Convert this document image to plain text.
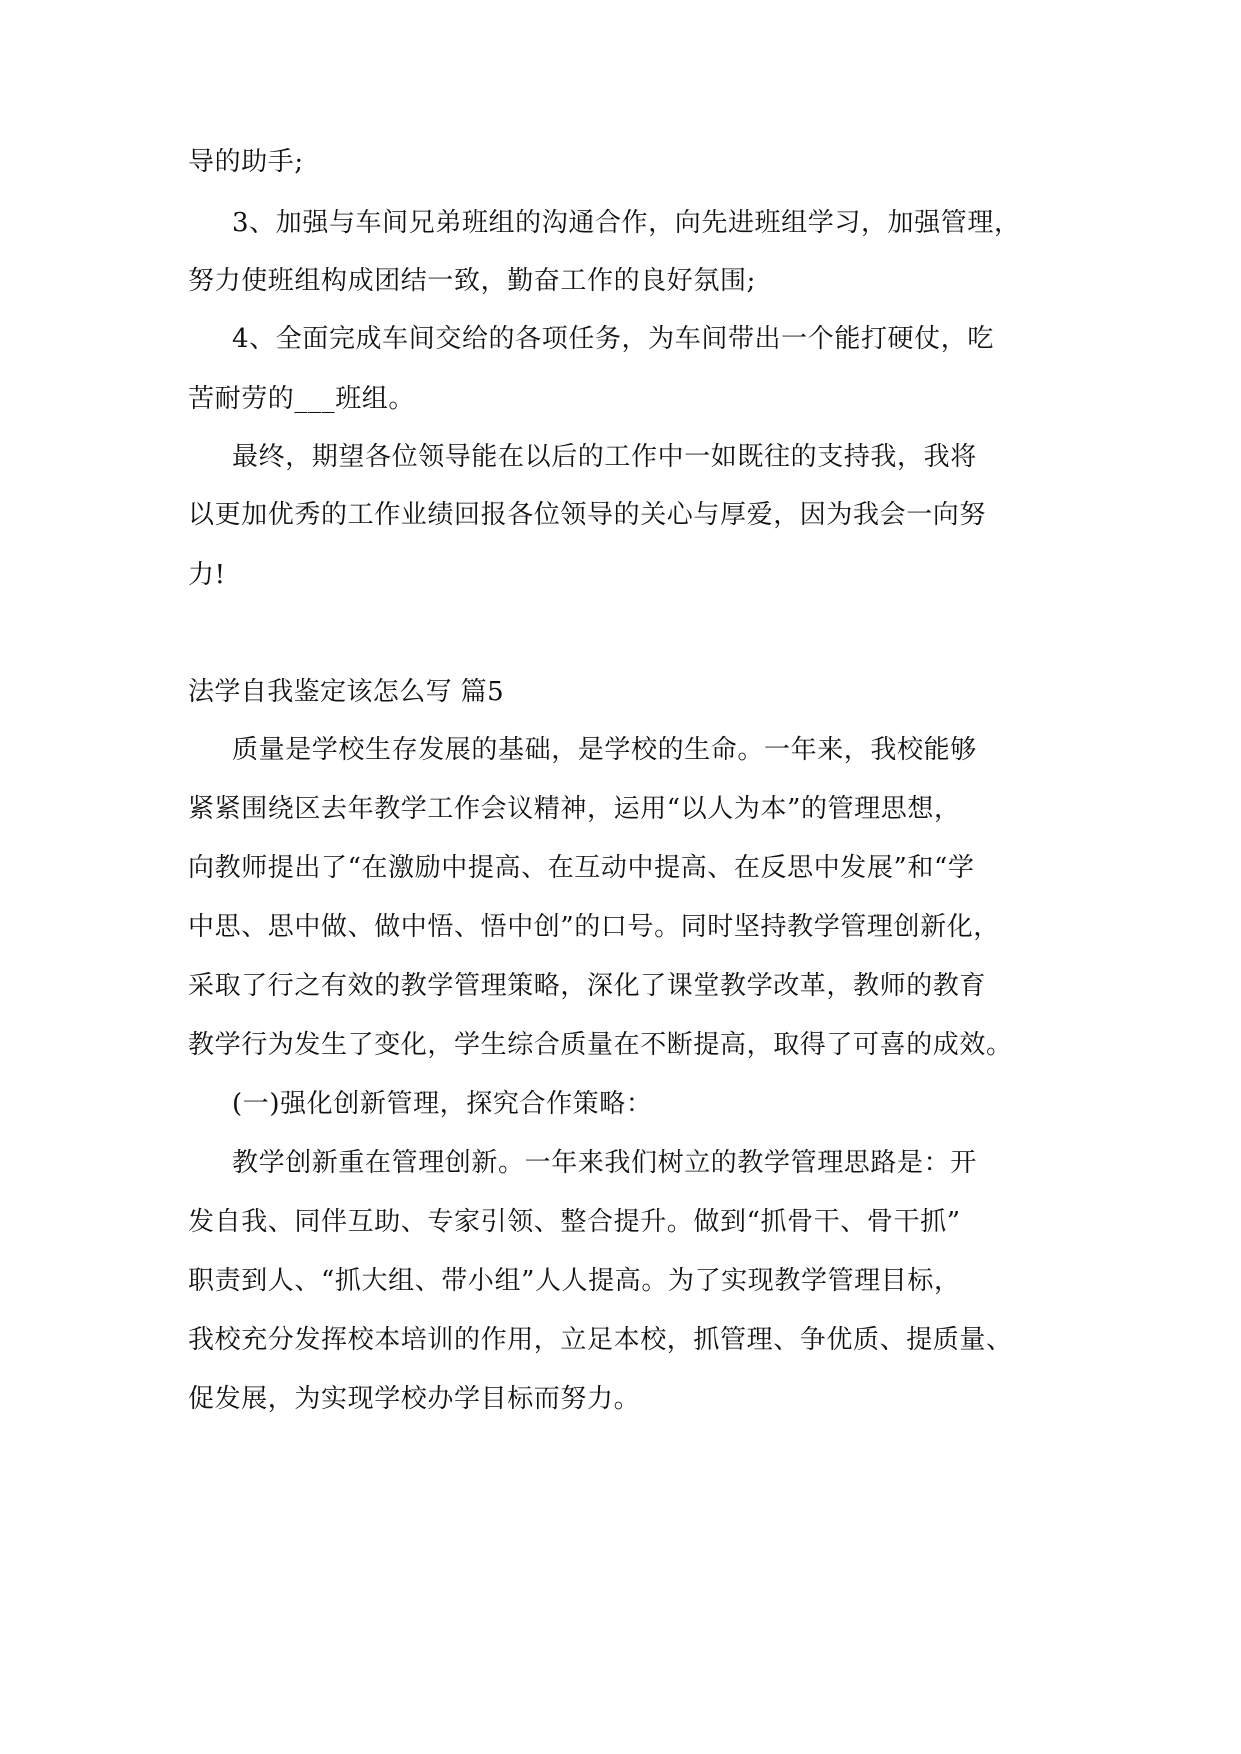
导的助手;
3、加强与车间兄弟班组的沟通合作，向先进班组学习，加强管理，
努力使班组构成团结一致，勤奋工作的良好氛围;
4、全面完成车间交给的各项任务，为车间带出一个能打硬仗，吃
苦耐劳的___班组。
最终，期望各位领导能在以后的工作中一如既往的支持我，我将
以更加优秀的工作业绩回报各位领导的关心与厚爱，因为我会一向努
力!
法学自我鉴定该怎么写 篇5
质量是学校生存发展的基础，是学校的生命。一年来，我校能够
紧紧围绕区去年教学工作会议精神，运用“以人为本”的管理思想，
向教师提出了“在激励中提高、在互动中提高、在反思中发展”和“学
中思、思中做、做中悟、悟中创”的口号。同时坚持教学管理创新化，
采取了行之有效的教学管理策略，深化了课堂教学改革，教师的教育
教学行为发生了变化，学生综合质量在不断提高，取得了可喜的成效。
(一)强化创新管理，探究合作策略：
教学创新重在管理创新。一年来我们树立的教学管理思路是：开
发自我、同伴互助、专家引领、整合提升。做到“抓骨干、骨干抓”
职责到人、“抓大组、带小组”人人提高。为了实现教学管理目标，
我校充分发挥校本培训的作用，立足本校，抓管理、争优质、提质量、
促发展，为实现学校办学目标而努力。
